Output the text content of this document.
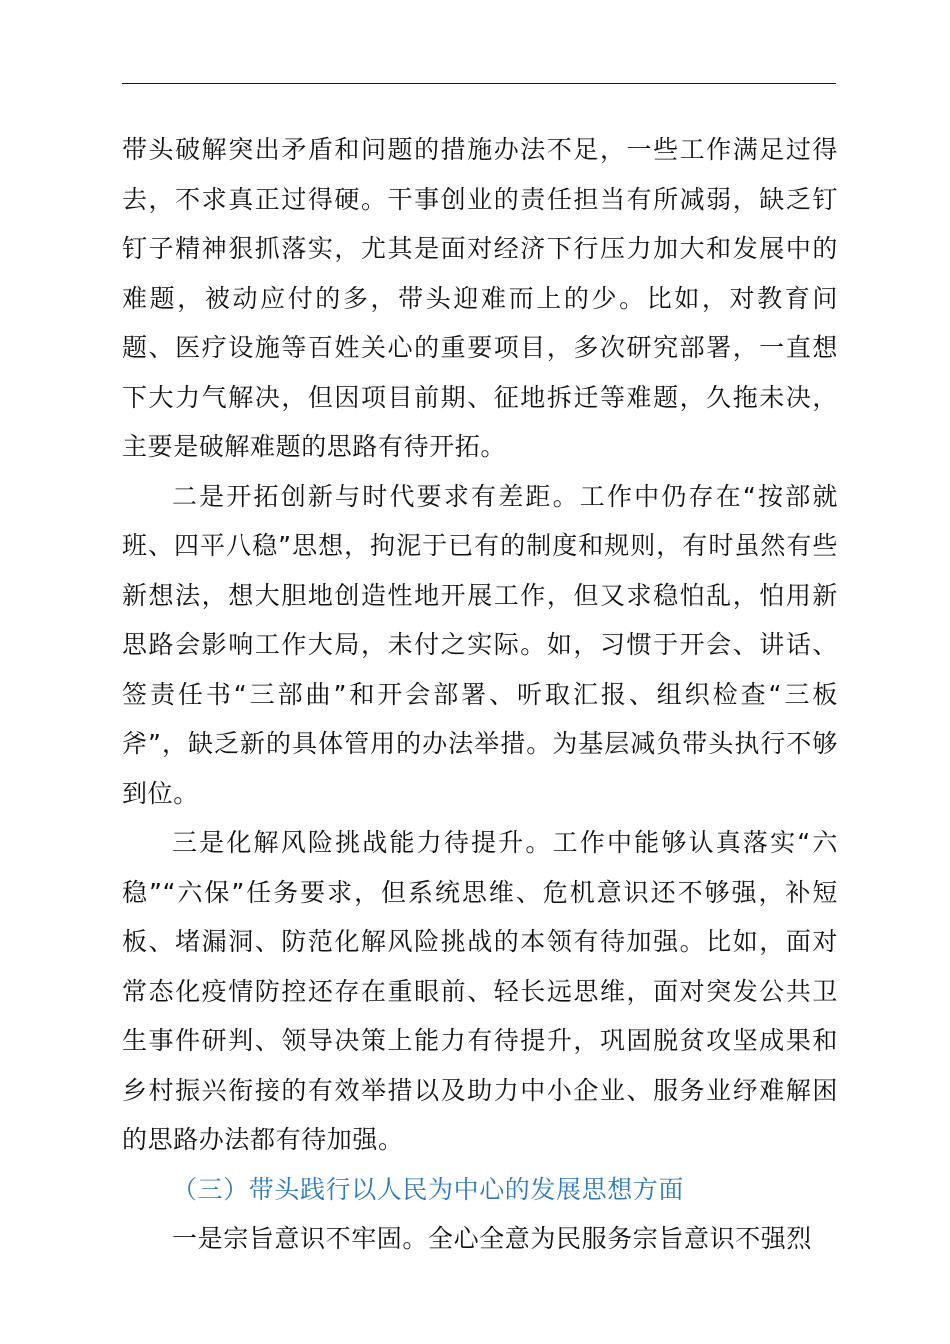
带头破解突出矛盾和问题的措施办法不足，一些工作满足过得去，不求真正过得硬。干事创业的责任担当有所减弱，缺乏钉钉子精神狠抓落实，尤其是面对经济下行压力加大和发展中的难题，被动应付的多，带头迎难而上的少。比如，对教育问题、医疗设施等百姓关心的重要项目，多次研究部署，一直想下大力气解决，但因项目前期、征地拆迁等难题，久拖未决，主要是破解难题的思路有待开拓。

二是开拓创新与时代要求有差距。工作中仍存在“按部就班、四平八稳”思想，拘泥于已有的制度和规则，有时虽然有些新想法，想大胆地创造性地开展工作，但又求稳怕乱，怕用新思路会影响工作大局，未付之实际。如，习惯于开会、讲话、签责任书“三部曲”和开会部署、听取汇报、组织检查“三板斧”，缺乏新的具体管用的办法举措。为基层减负带头执行不够到位。

三是化解风险挑战能力待提升。工作中能够认真落实“六稳”“六保”任务要求，但系统思维、危机意识还不够强，补短板、堵漏洞、防范化解风险挑战的本领有待加强。比如，面对常态化疫情防控还存在重眼前、轻长远思维，面对突发公共卫生事件研判、领导决策上能力有待提升，巩固脱贫攻坚成果和乡村振兴衔接的有效举措以及助力中小企业、服务业纾难解困的思路办法都有待加强。

（三）带头践行以人民为中心的发展思想方面

一是宗旨意识不牢固。全心全意为民服务宗旨意识不强烈
